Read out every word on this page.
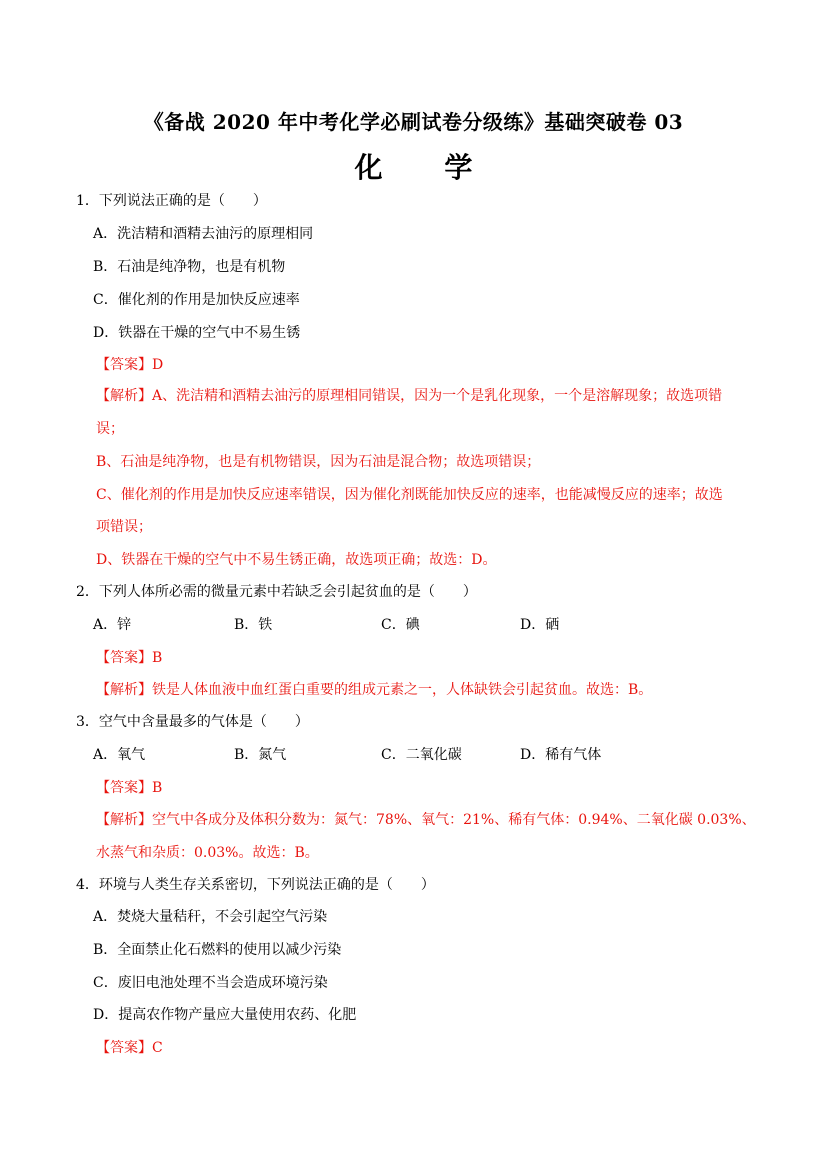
《备战 2020 年中考化学必刷试卷分级练》基础突破卷 03
化 学
1．下列说法正确的是（　　）
A．洗洁精和酒精去油污的原理相同
B．石油是纯净物，也是有机物
C．催化剂的作用是加快反应速率
D．铁器在干燥的空气中不易生锈
【答案】D
【解析】A、洗洁精和酒精去油污的原理相同错误，因为一个是乳化现象，一个是溶解现象；故选项错
误；
B、石油是纯净物，也是有机物错误，因为石油是混合物；故选项错误；
C、催化剂的作用是加快反应速率错误，因为催化剂既能加快反应的速率，也能减慢反应的速率；故选
项错误；
D、铁器在干燥的空气中不易生锈正确，故选项正确；故选：D。
2．下列人体所必需的微量元素中若缺乏会引起贫血的是（　　）
A．锌	B．铁	C．碘	D．硒
【答案】B
【解析】铁是人体血液中血红蛋白重要的组成元素之一，人体缺铁会引起贫血。故选：B。
3．空气中含量最多的气体是（　　）
A．氧气	B．氮气	C．二氧化碳	D．稀有气体
【答案】B
【解析】空气中各成分及体积分数为：氮气：78%、氧气：21%、稀有气体：0.94%、二氧化碳 0.03%、
水蒸气和杂质：0.03%。故选：B。
4．环境与人类生存关系密切，下列说法正确的是（　　）
A．焚烧大量秸秆，不会引起空气污染
B．全面禁止化石燃料的使用以减少污染
C．废旧电池处理不当会造成环境污染
D．提高农作物产量应大量使用农药、化肥
【答案】C
